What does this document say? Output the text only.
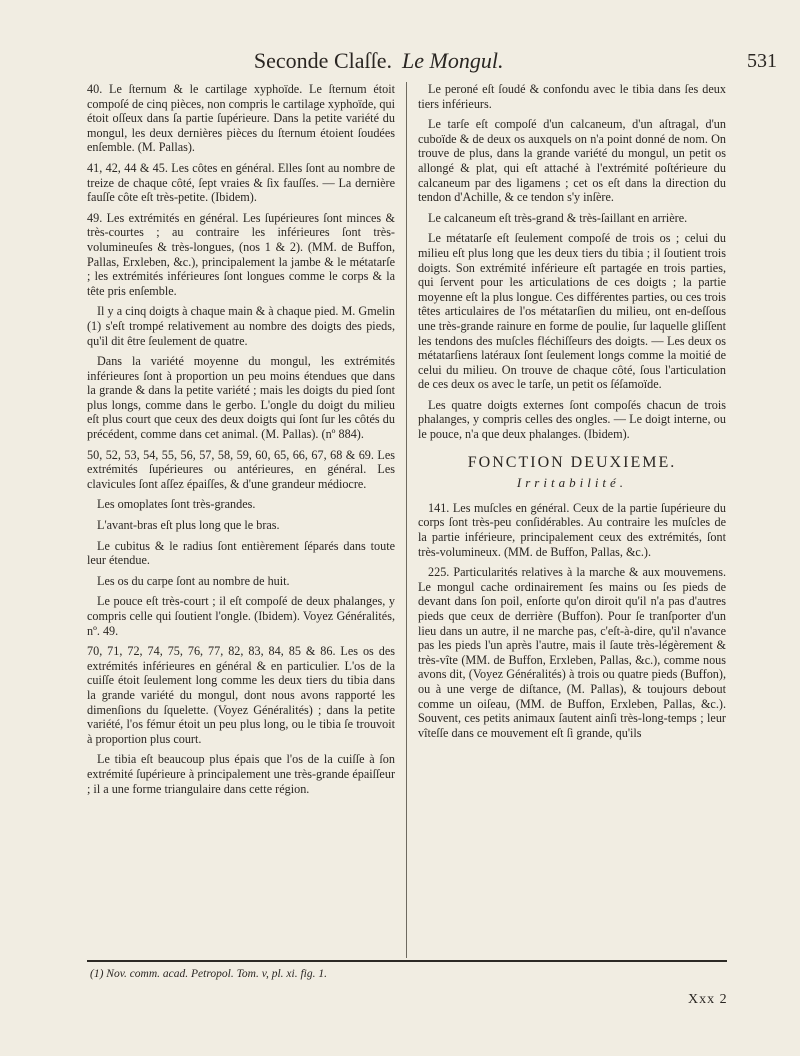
Seconde Claſſe. Le Mongul.	531

40. Le ſternum & le cartilage xyphoïde. Le ſternum étoit compoſé de cinq pièces, non compris le cartilage xyphoïde, qui étoit oſſeux dans ſa partie ſupérieure. Dans la petite variété du mongul, les deux dernières pièces du ſternum étoient ſoudées enſemble. (M. Pallas).

41, 42, 44 & 45. Les côtes en général. Elles ſont au nombre de treize de chaque côté, ſept vraies & ſix fauſſes. — La dernière fauſſe côte eſt très-petite. (Ibidem).

49. Les extrémités en général. Les ſupérieures ſont minces & très-courtes ; au contraire les inférieures ſont très-volumineuſes & très-longues, (nos 1 & 2). (MM. de Buffon, Pallas, Erxleben, &c.), principalement la jambe & le métatarſe ; les extrémités inférieures ſont longues comme le corps & la tête pris enſemble.

Il y a cinq doigts à chaque main & à chaque pied. M. Gmelin (1) s'eſt trompé relativement au nombre des doigts des pieds, qu'il dit être ſeulement de quatre.

Dans la variété moyenne du mongul, les extrémités inférieures ſont à proportion un peu moins étendues que dans la grande & dans la petite variété ; mais les doigts du pied ſont plus longs, comme dans le gerbo. L'ongle du doigt du milieu eſt plus court que ceux des deux doigts qui ſont ſur les côtés du précédent, comme dans cet animal. (M. Pallas). (nº 884).

50, 52, 53, 54, 55, 56, 57, 58, 59, 60, 65, 66, 67, 68 & 69. Les extrémités ſupérieures ou antérieures, en général. Les clavicules ſont aſſez épaiſſes, & d'une grandeur médiocre.

Les omoplates ſont très-grandes.

L'avant-bras eſt plus long que le bras.

Le cubitus & le radius ſont entièrement ſéparés dans toute leur étendue.

Les os du carpe ſont au nombre de huit.

Le pouce eſt très-court ; il eſt compoſé de deux phalanges, y compris celle qui ſoutient l'ongle. (Ibidem). Voyez Généralités, nº. 49.

70, 71, 72, 74, 75, 76, 77, 82, 83, 84, 85 & 86. Les os des extrémités inférieures en général & en particulier. L'os de la cuiſſe étoit ſeulement long comme les deux tiers du tibia dans la grande variété du mongul, dont nous avons rapporté les dimenſions du ſquelette. (Voyez Généralités) ; dans la petite variété, l'os fémur étoit un peu plus long, ou le tibia ſe trouvoit à proportion plus court.

Le tibia eſt beaucoup plus épais que l'os de la cuiſſe à ſon extrémité ſupérieure à principalement une très-grande épaiſſeur ; il a une forme triangulaire dans cette région.

Le peroné eſt ſoudé & confondu avec le tibia dans ſes deux tiers inférieurs.

Le tarſe eſt compoſé d'un calcaneum, d'un aſtragal, d'un cuboïde & de deux os auxquels on n'a point donné de nom. On trouve de plus, dans la grande variété du mongul, un petit os allongé & plat, qui eſt attaché à l'extrémité poſtérieure du calcaneum par des ligamens ; cet os eſt dans la direction du tendon d'Achille, & ce tendon s'y inſère.

Le calcaneum eſt très-grand & très-ſaillant en arrière.

Le métatarſe eſt ſeulement compoſé de trois os ; celui du milieu eſt plus long que les deux tiers du tibia ; il ſoutient trois doigts. Son extrémité inférieure eſt partagée en trois parties, qui ſervent pour les articulations de ces doigts ; la partie moyenne eſt la plus longue. Ces différentes parties, ou ces trois têtes articulaires de l'os métatarſien du milieu, ont en-deſſous une très-grande rainure en forme de poulie, ſur laquelle gliſſent les tendons des muſcles fléchiſſeurs des doigts. — Les deux os métatarſiens latéraux ſont ſeulement longs comme la moitié de celui du milieu. On trouve de chaque côté, ſous l'articulation de ces deux os avec le tarſe, un petit os ſéſamoïde.

Les quatre doigts externes ſont compoſés chacun de trois phalanges, y compris celles des ongles. — Le doigt interne, ou le pouce, n'a que deux phalanges. (Ibidem).

FONCTION DEUXIEME.
Irritabilité.

141. Les muſcles en général. Ceux de la partie ſupérieure du corps ſont très-peu conſidérables. Au contraire les muſcles de la partie inférieure, principalement ceux des extrémités, ſont très-volumineux. (MM. de Buffon, Pallas, &c.).

225. Particularités relatives à la marche & aux mouvemens. Le mongul cache ordinairement ſes mains ou ſes pieds de devant dans ſon poil, enſorte qu'on diroit qu'il n'a pas d'autres pieds que ceux de derrière (Buffon). Pour ſe tranſporter d'un lieu dans un autre, il ne marche pas, c'eſt-à-dire, qu'il n'avance pas les pieds l'un après l'autre, mais il ſaute très-légèrement & très-vîte (MM. de Buffon, Erxleben, Pallas, &c.), comme nous avons dit, (Voyez Généralités) à trois ou quatre pieds (Buffon), ou à une verge de diſtance, (M. Pallas), & toujours debout comme un oiſeau, (MM. de Buffon, Erxleben, Pallas, &c.). Souvent, ces petits animaux ſautent ainſi très-long-temps ; leur vîteſſe dans ce mouvement eſt ſi grande, qu'ils

(1) Nov. comm. acad. Petropol. Tom. v, pl. xi. fig. 1.
Xxx 2
